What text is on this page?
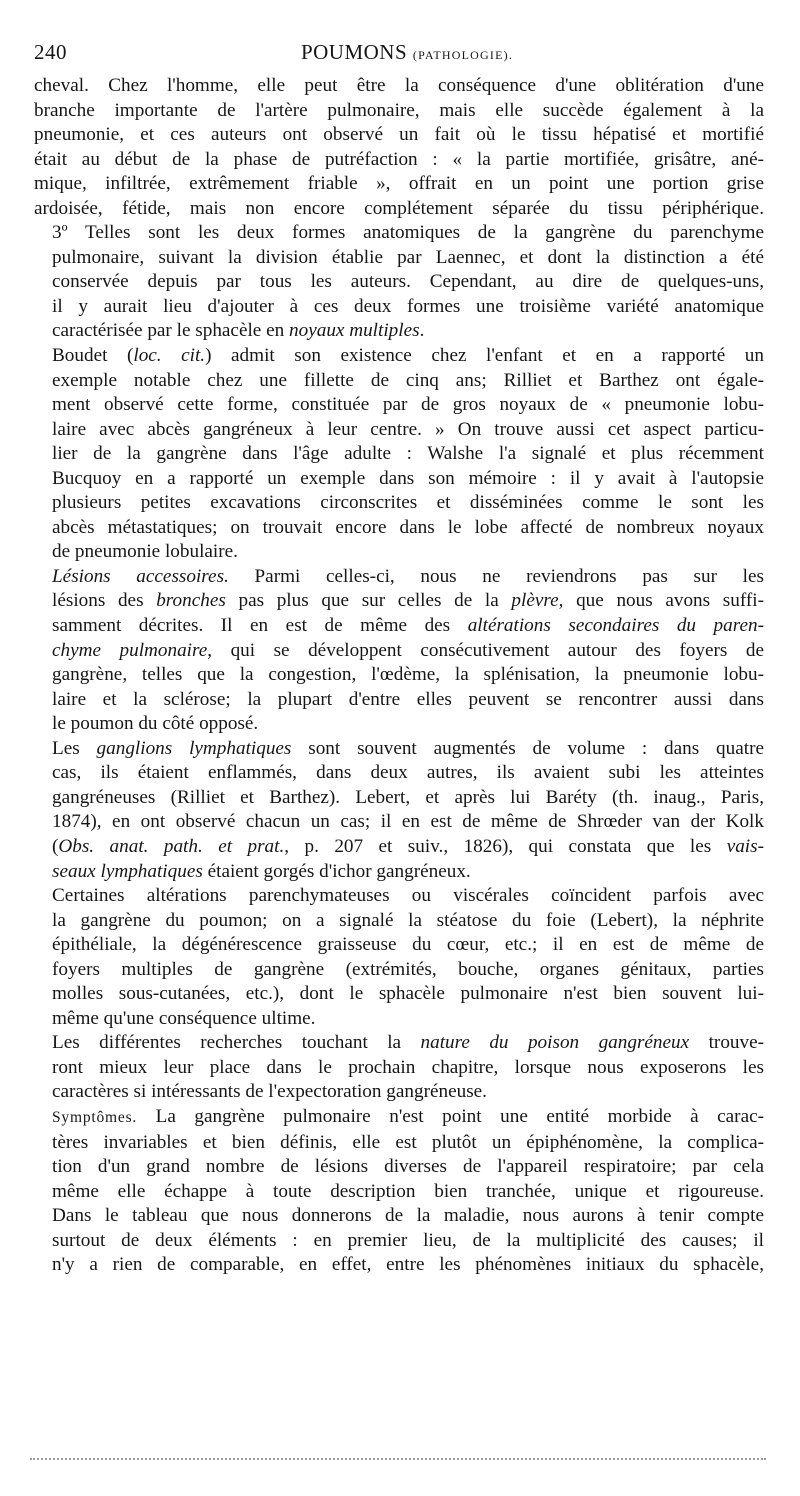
240	POUMONS (PATHOLOGIE).

cheval. Chez l'homme, elle peut être la conséquence d'une oblitération d'une
branche importante de l'artère pulmonaire, mais elle succède également à la
pneumonie, et ces auteurs ont observé un fait où le tissu hépatisé et mortifié
était au début de la phase de putréfaction : « la partie mortifiée, grisâtre, ané-
mique, infiltrée, extrêmement friable », offrait en un point une portion grise
ardoisée, fétide, mais non encore complétement séparée du tissu périphérique.

3º Telles sont les deux formes anatomiques de la gangrène du parenchyme
pulmonaire, suivant la division établie par Laennec, et dont la distinction a été
conservée depuis par tous les auteurs. Cependant, au dire de quelques-uns,
il y aurait lieu d'ajouter à ces deux formes une troisième variété anatomique
caractérisée par le sphacèle en noyaux multiples.

Boudet (loc. cit.) admit son existence chez l'enfant et en a rapporté un
exemple notable chez une fillette de cinq ans; Rilliet et Barthez ont égale-
ment observé cette forme, constituée par de gros noyaux de « pneumonie lobu-
laire avec abcès gangréneux à leur centre. » On trouve aussi cet aspect particu-
lier de la gangrène dans l'âge adulte : Walshe l'a signalé et plus récemment
Bucquoy en a rapporté un exemple dans son mémoire : il y avait à l'autopsie
plusieurs petites excavations circonscrites et disséminées comme le sont les
abcès métastatiques; on trouvait encore dans le lobe affecté de nombreux noyaux
de pneumonie lobulaire.

Lésions accessoires. Parmi celles-ci, nous ne reviendrons pas sur les
lésions des bronches pas plus que sur celles de la plèvre, que nous avons suffi-
samment décrites. Il en est de même des altérations secondaires du paren-
chyme pulmonaire, qui se développent consécutivement autour des foyers de
gangrène, telles que la congestion, l'œdème, la splénisation, la pneumonie lobu-
laire et la sclérose; la plupart d'entre elles peuvent se rencontrer aussi dans
le poumon du côté opposé.

Les ganglions lymphatiques sont souvent augmentés de volume : dans quatre
cas, ils étaient enflammés, dans deux autres, ils avaient subi les atteintes
gangréneuses (Rilliet et Barthez). Lebert, et après lui Baréty (th. inaug., Paris,
1874), en ont observé chacun un cas; il en est de même de Shrœder van der Kolk
(Obs. anat. path. et prat., p. 207 et suiv., 1826), qui constata que les vais-
seaux lymphatiques étaient gorgés d'ichor gangréneux.

Certaines altérations parenchymateuses ou viscérales coïncident parfois avec
la gangrène du poumon; on a signalé la stéatose du foie (Lebert), la néphrite
épithéliale, la dégénérescence graisseuse du cœur, etc.; il en est de même de
foyers multiples de gangrène (extrémités, bouche, organes génitaux, parties
molles sous-cutanées, etc.), dont le sphacèle pulmonaire n'est bien souvent lui-
même qu'une conséquence ultime.

Les différentes recherches touchant la nature du poison gangréneux trouve-
ront mieux leur place dans le prochain chapitre, lorsque nous exposerons les
caractères si intéressants de l'expectoration gangréneuse.

Symptômes. La gangrène pulmonaire n'est point une entité morbide à carac-
tères invariables et bien définis, elle est plutôt un épiphénomène, la complica-
tion d'un grand nombre de lésions diverses de l'appareil respiratoire; par cela
même elle échappe à toute description bien tranchée, unique et rigoureuse.
Dans le tableau que nous donnerons de la maladie, nous aurons à tenir compte
surtout de deux éléments : en premier lieu, de la multiplicité des causes; il
n'y a rien de comparable, en effet, entre les phénomènes initiaux du sphacèle,
